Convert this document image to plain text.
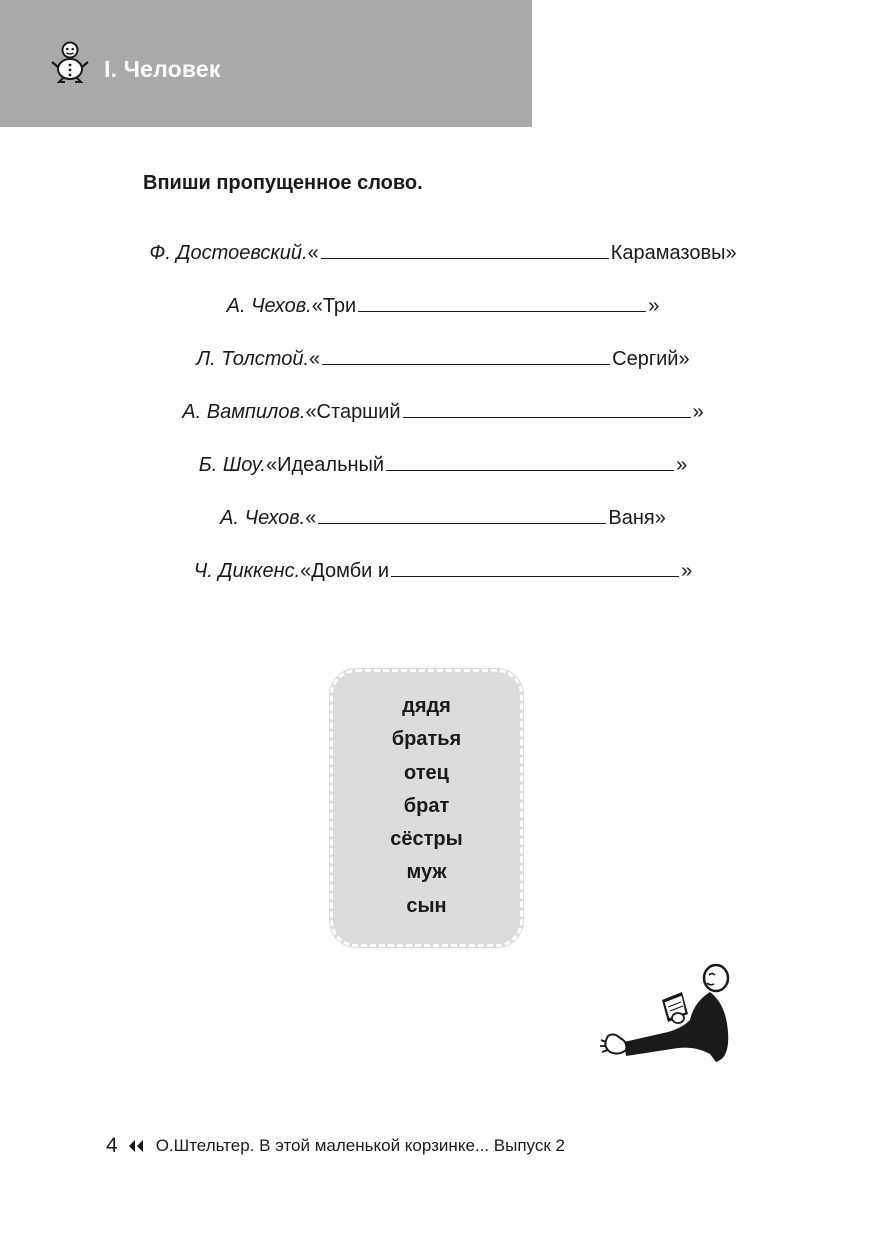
I. Человек
Впиши пропущенное слово.
Ф. Достоевский. «	Карамазовы»
А. Чехов. «Три	»
Л. Толстой. «	Сергий»
А. Вампилов. «Старший	»
Б. Шоу. «Идеальный	»
А. Чехов. «	Ваня»
Ч. Диккенс. «Домби и	»
дядя
братья
отец
брат
сёстры
муж
сын
4 О.Штельтер. В этой маленькой корзинке... Выпуск 2
